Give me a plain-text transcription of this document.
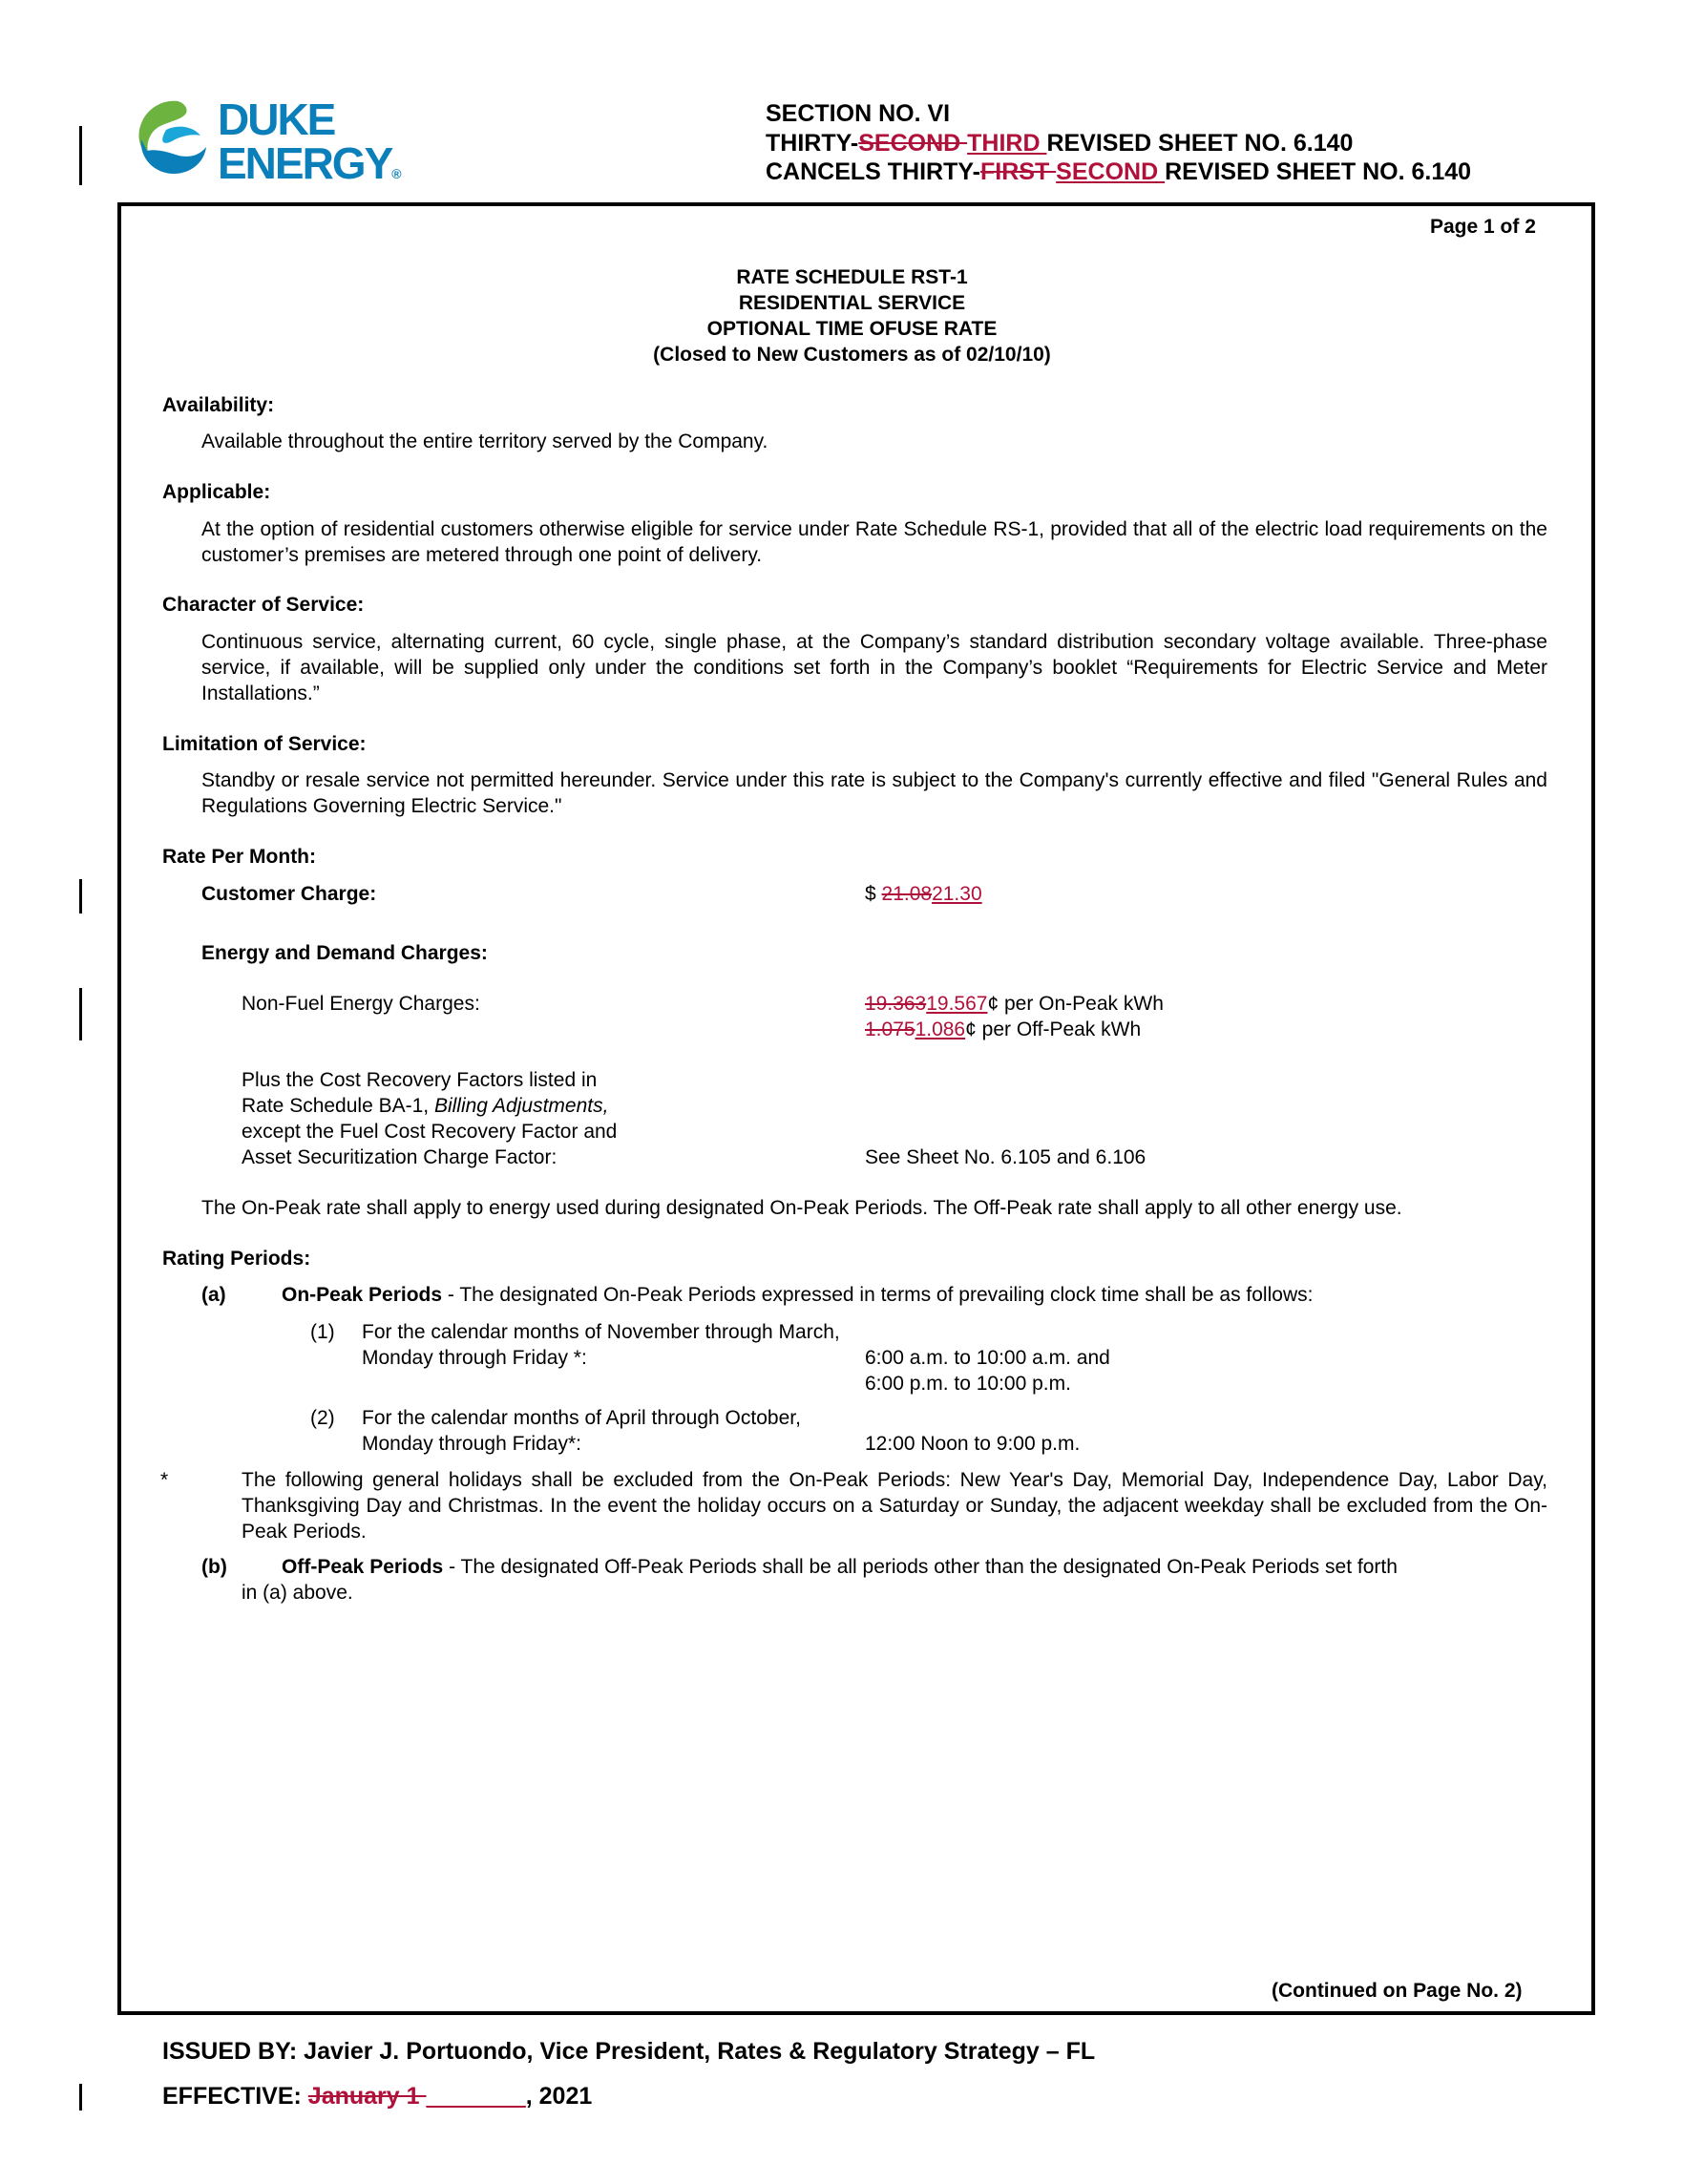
DUKE
ENERGY®
SECTION NO. VI
THIRTY-SECOND THIRD REVISED SHEET NO. 6.140
CANCELS THIRTY-FIRST SECOND REVISED SHEET NO. 6.140
Page 1 of 2
RATE SCHEDULE RST-1
RESIDENTIAL SERVICE
OPTIONAL TIME OFUSE RATE
(Closed to New Customers as of 02/10/10)
Availability:
Available throughout the entire territory served by the Company.
Applicable:
At the option of residential customers otherwise eligible for service under Rate Schedule RS-1, provided that all of the electric load requirements on the customer’s premises are metered through one point of delivery.
Character of Service:
Continuous service, alternating current, 60 cycle, single phase, at the Company’s standard distribution secondary voltage available. Three-phase service, if available, will be supplied only under the conditions set forth in the Company’s booklet “Requirements for Electric Service and Meter Installations.”
Limitation of Service:
Standby or resale service not permitted hereunder. Service under this rate is subject to the Company's currently effective and filed "General Rules and Regulations Governing Electric Service."
Rate Per Month:
Customer Charge:	$ 21.0821.30
Energy and Demand Charges:
Non-Fuel Energy Charges:	19.36319.567¢ per On-Peak kWh
1.0751.086¢ per Off-Peak kWh
Plus the Cost Recovery Factors listed in
Rate Schedule BA-1, Billing Adjustments,
except the Fuel Cost Recovery Factor and
Asset Securitization Charge Factor:	See Sheet No. 6.105 and 6.106
The On-Peak rate shall apply to energy used during designated On-Peak Periods. The Off-Peak rate shall apply to all other energy use.
Rating Periods:
(a)	On-Peak Periods - The designated On-Peak Periods expressed in terms of prevailing clock time shall be as follows:
(1) For the calendar months of November through March,
Monday through Friday *:	6:00 a.m. to 10:00 a.m. and
6:00 p.m. to 10:00 p.m.
(2) For the calendar months of April through October,
Monday through Friday*:	12:00 Noon to 9:00 p.m.
*	The following general holidays shall be excluded from the On-Peak Periods: New Year's Day, Memorial Day, Independence Day, Labor Day, Thanksgiving Day and Christmas. In the event the holiday occurs on a Saturday or Sunday, the adjacent weekday shall be excluded from the On-Peak Periods.
(b)	Off-Peak Periods - The designated Off-Peak Periods shall be all periods other than the designated On-Peak Periods set forth
in (a) above.
(Continued on Page No. 2)
ISSUED BY: Javier J. Portuondo, Vice President, Rates & Regulatory Strategy – FL
EFFECTIVE: January 1 _____ __, 2021
